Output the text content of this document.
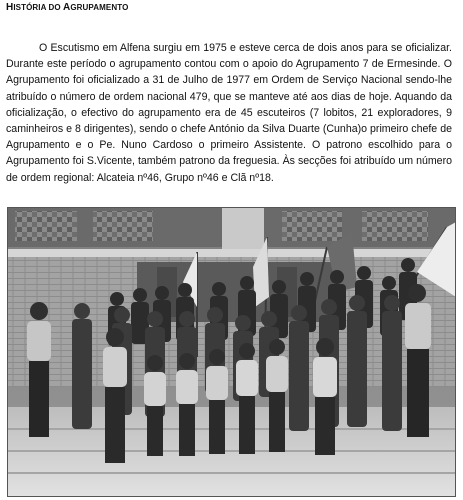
HISTÓRIA DO AGRUPAMENTO

O Escutismo em Alfena surgiu em 1975 e esteve cerca de dois anos para se oficializar. Durante este período o agrupamento contou com o apoio do Agrupamento 7 de Ermesinde. O Agrupamento foi oficializado a 31 de Julho de 1977 em Ordem de Serviço Nacional sendo-lhe atribuído o número de ordem nacional 479, que se manteve até aos dias de hoje. Aquando da oficialização, o efectivo do agrupamento era de 45 escuteiros (7 lobitos, 21 exploradores, 9 caminheiros e 8 dirigentes), sendo o chefe António da Silva Duarte (Cunha)o primeiro chefe de Agrupamento e o Pe. Nuno Cardoso o primeiro Assistente. O patrono escolhido para o Agrupamento foi S.Vicente, também patrono da freguesia. Às secções foi atribuído um número de ordem regional: Alcateia nº46, Grupo nº46 e Clã nº18.
